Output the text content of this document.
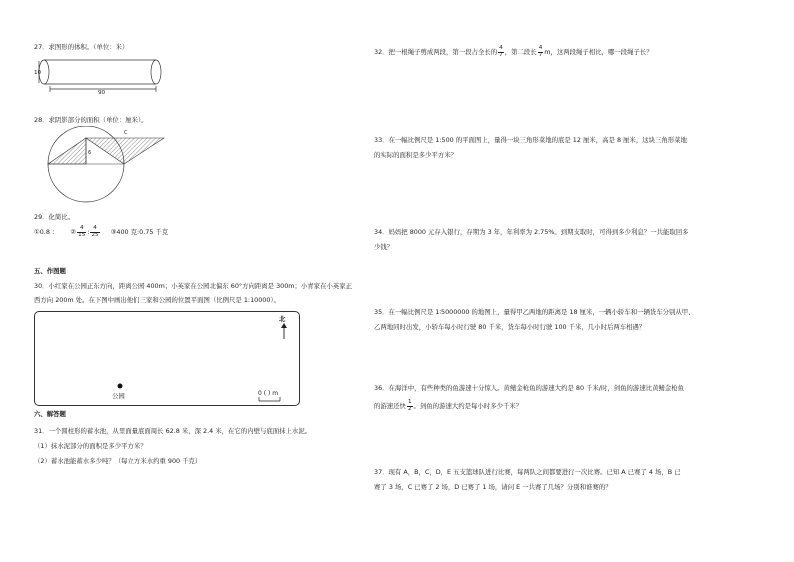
27．求图形的体积。（单位：米）
10
90
28．求阴影部分的面积（单位：厘米）。
C
6
29．化简比。
①0.8 ： ② $\frac{4}{15}$ : $\frac{4}{25}$ ③400 克:0.75 千克
五、作图题
30．小红家在公园正东方向，距离公园 400m；小英家在公园北偏东 60°方向距离是 300m；小青家在小英家正
西方向 200m 处。在下图中画出他们三家和公园的位置平面图（比例尺是 1:10000）。
北
公园	0 ( ) m
六、解答题
31．一个圆柱形的蓄水池，从里面量底面周长 62.8 米，深 2.4 米，在它的内壁与底面抹上水泥。
（1）抹水泥部分的面积是多少平方米？
（2）蓄水池能蓄水多少吨？（每立方米水约重 900 千克）
32．把一根绳子剪成两段，第一段占全长的 $\frac{4}{7}$ ，第二段长 $\frac{4}{7}$ m，这两段绳子相比，哪一段绳子长？
33．在一幅比例尺是 1:500 的平面图上，量得一块三角形菜地的底是 12 厘米，高是 8 厘米，这块三角形菜地
的实际的面积是多少平方米？
34．妈妈把 8000 元存入银行，存期为 3 年，年利率为 2.75%。到期支取时，可得到多少利息？一共能取回多
少钱？
35．在一幅比例尺是 1∶5000000 的地图上，量得甲乙两地的距离是 18 厘米，一辆小轿车和一辆货车分别从甲、
乙两地同时出发，小轿车每小时行驶 80 千米，货车每小时行驶 100 千米，几小时后两车相遇？
36．在海洋中，有些种类的鱼游速十分惊人。黄鳍金枪鱼的游速大约是 80 千米/时，剑鱼的游速比黄鳍金枪鱼
的游速还快 $\frac{1}{2}$ 。剑鱼的游速大约是每小时多少千米？
37．现有 A，B，C，D，E 五支篮球队进行比赛，每两队之间都要进行一次比赛。已知 A 已赛了 4 场，B 已
赛了 3 场，C 已赛了 2 场，D 已赛了 1 场，请问 E 一共赛了几场？分别和谁赛的？
